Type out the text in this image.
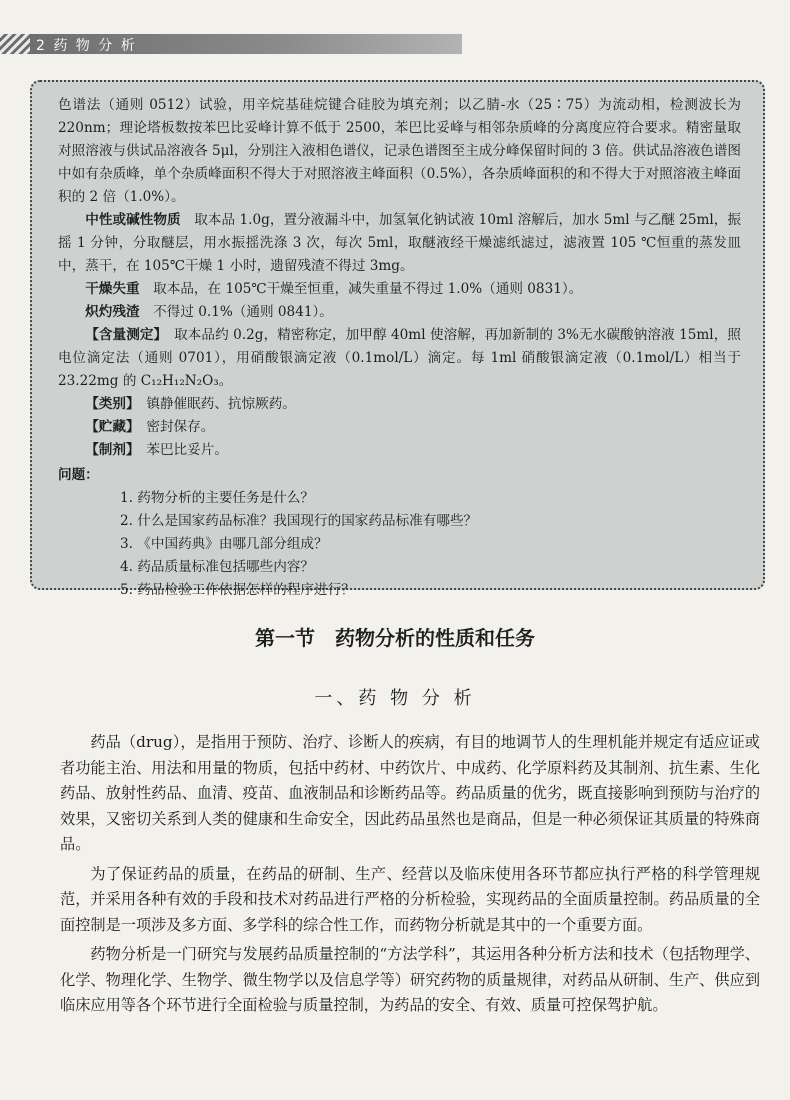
2 药 物 分 析

色谱法（通则 0512）试验，用辛烷基硅烷键合硅胶为填充剂；以乙腈-水（25∶75）为流动相，检测波长为 220nm；理论塔板数按苯巴比妥峰计算不低于 2500，苯巴比妥峰与相邻杂质峰的分离度应符合要求。精密量取对照溶液与供试品溶液各 5μl，分别注入液相色谱仪，记录色谱图至主成分峰保留时间的 3 倍。供试品溶液色谱图中如有杂质峰，单个杂质峰面积不得大于对照溶液主峰面积（0.5%），各杂质峰面积的和不得大于对照溶液主峰面积的 2 倍（1.0%）。

中性或碱性物质　取本品 1.0g，置分液漏斗中，加氢氧化钠试液 10ml 溶解后，加水 5ml 与乙醚 25ml，振摇 1 分钟，分取醚层，用水振摇洗涤 3 次，每次 5ml，取醚液经干燥滤纸滤过，滤液置 105 ℃恒重的蒸发皿中，蒸干，在 105℃干燥 1 小时，遗留残渣不得过 3mg。

干燥失重　取本品，在 105℃干燥至恒重，减失重量不得过 1.0%（通则 0831）。

炽灼残渣　不得过 0.1%（通则 0841）。

【含量测定】　取本品约 0.2g，精密称定，加甲醇 40ml 使溶解，再加新制的 3%无水碳酸钠溶液 15ml，照电位滴定法（通则 0701），用硝酸银滴定液（0.1mol/L）滴定。每 1ml 硝酸银滴定液（0.1mol/L）相当于 23.22mg 的 C₁₂H₁₂N₂O₃。

【类别】　镇静催眠药、抗惊厥药。

【贮藏】　密封保存。

【制剂】　苯巴比妥片。

问题：

1. 药物分析的主要任务是什么？
2. 什么是国家药品标准？我国现行的国家药品标准有哪些？
3. 《中国药典》由哪几部分组成？
4. 药品质量标准包括哪些内容？
5. 药品检验工作依据怎样的程序进行？
第一节　药物分析的性质和任务
一、药 物 分 析

药品（drug），是指用于预防、治疗、诊断人的疾病，有目的地调节人的生理机能并规定有适应证或者功能主治、用法和用量的物质，包括中药材、中药饮片、中成药、化学原料药及其制剂、抗生素、生化药品、放射性药品、血清、疫苗、血液制品和诊断药品等。药品质量的优劣，既直接影响到预防与治疗的效果，又密切关系到人类的健康和生命安全，因此药品虽然也是商品，但是一种必须保证其质量的特殊商品。

为了保证药品的质量，在药品的研制、生产、经营以及临床使用各环节都应执行严格的科学管理规范，并采用各种有效的手段和技术对药品进行严格的分析检验，实现药品的全面质量控制。药品质量的全面控制是一项涉及多方面、多学科的综合性工作，而药物分析就是其中的一个重要方面。

药物分析是一门研究与发展药品质量控制的“方法学科”，其运用各种分析方法和技术（包括物理学、化学、物理化学、生物学、微生物学以及信息学等）研究药物的质量规律，对药品从研制、生产、供应到临床应用等各个环节进行全面检验与质量控制，为药品的安全、有效、质量可控保驾护航。
